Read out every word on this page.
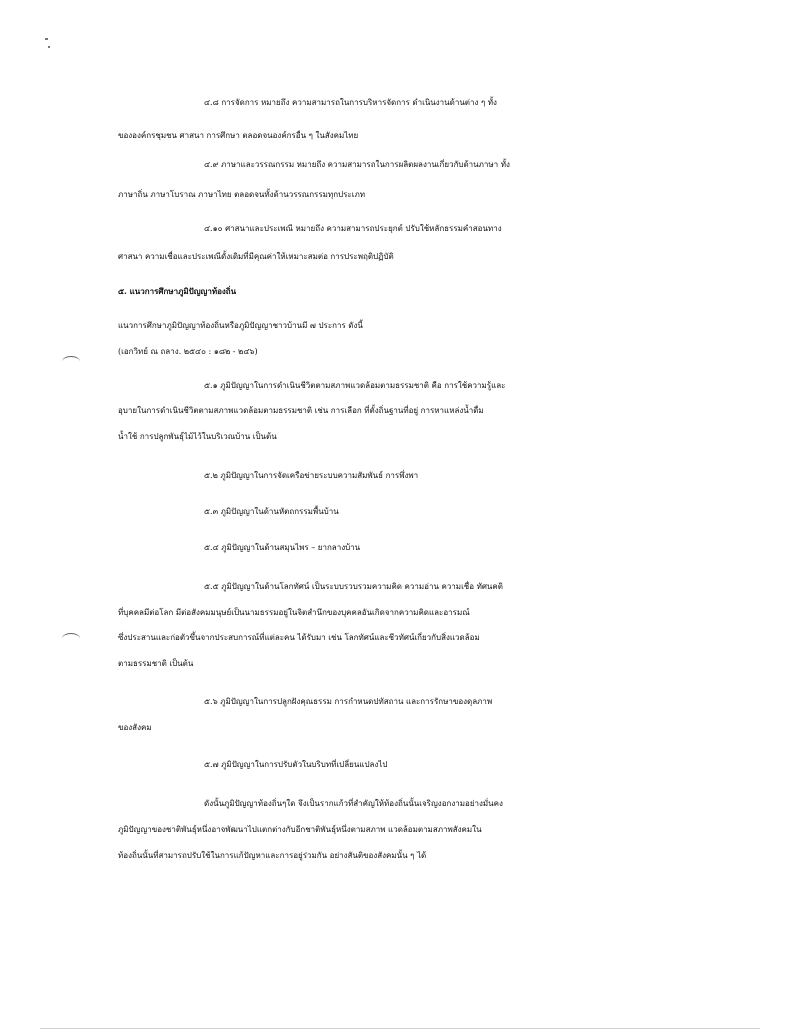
๔.๘ การจัดการ หมายถึง ความสามารถในการบริหารจัดการ ดำเนินงานด้านต่าง ๆ ทั้ง
ขององค์กรชุมชน ศาสนา การศึกษา ตลอดจนองค์กรอื่น ๆ ในสังคมไทย
๔.๙ ภาษาและวรรณกรรม หมายถึง ความสามารถในการผลิตผลงานเกี่ยวกับด้านภาษา ทั้ง
ภาษาถิ่น ภาษาโบราณ ภาษาไทย ตลอดจนทั้งด้านวรรณกรรมทุกประเภท
๔.๑๐ ศาสนาและประเพณี หมายถึง ความสามารถประยุกต์ ปรับใช้หลักธรรมคำสอนทาง
ศาสนา ความเชื่อและประเพณีดั้งเดิมที่มีคุณค่าให้เหมาะสมต่อ การประพฤติปฏิบัติ
๕. แนวการศึกษาภูมิปัญญาท้องถิ่น
แนวการศึกษาภูมิปัญญาท้องถิ่นหรือภูมิปัญญาชาวบ้านมี ๗ ประการ ดังนี้
(เอกวิทย์ ณ ถลาง. ๒๕๔๐ : ๑๘๒ - ๒๔๖)
๕.๑ ภูมิปัญญาในการดำเนินชีวิตตามสภาพแวดล้อมตามธรรมชาติ คือ การใช้ความรู้และ
อุบายในการดำเนินชีวิตตามสภาพแวดล้อมตามธรรมชาติ เช่น การเลือก ที่ตั้งถิ่นฐานที่อยู่ การหาแหล่งน้ำดื่ม
น้ำใช้ การปลูกพันธุ์ไม้ไว้ในบริเวณบ้าน เป็นต้น
๕.๒ ภูมิปัญญาในการจัดเครือข่ายระบบความสัมพันธ์ การพึ่งพา
๕.๓ ภูมิปัญญาในด้านหัตถกรรมพื้นบ้าน
๕.๔ ภูมิปัญญาในด้านสมุนไพร – ยากลางบ้าน
๕.๕ ภูมิปัญญาในด้านโลกทัศน์ เป็นระบบรวบรวมความคิด ความอ่าน ความเชื่อ ทัศนคติ
ที่บุคคลมีต่อโลก มีต่อสังคมมนุษย์เป็นนามธรรมอยู่ในจิตสำนึกของบุคคลอันเกิดจากความคิดและอารมณ์
ซึ่งประสานและก่อตัวขึ้นจากประสบการณ์ที่แต่ละคน ได้รับมา เช่น โลกทัศน์และชีวทัศน์เกี่ยวกับสิ่งแวดล้อม
ตามธรรมชาติ เป็นต้น
๕.๖ ภูมิปัญญาในการปลูกฝังคุณธรรม การกำหนดปทัสถาน และการรักษาของดุลภาพ
ของสังคม
๕.๗ ภูมิปัญญาในการปรับตัวในบริบทที่เปลี่ยนแปลงไป
ดังนั้นภูมิปัญญาท้องถิ่นๆใด จึงเป็นรากแก้วที่สำคัญให้ท้องถิ่นนั้นเจริญงอกงามอย่างมั่นคง
ภูมิปัญญาของชาติพันธุ์หนึ่งอาจพัฒนาไปแตกต่างกับอีกชาติพันธุ์หนึ่งตามสภาพ แวดล้อมตามสภาพสังคมใน
ท้องถิ่นนั้นที่สามารถปรับใช้ในการแก้ปัญหาและการอยู่ร่วมกัน อย่างสันติของสังคมนั้น ๆ ได้
